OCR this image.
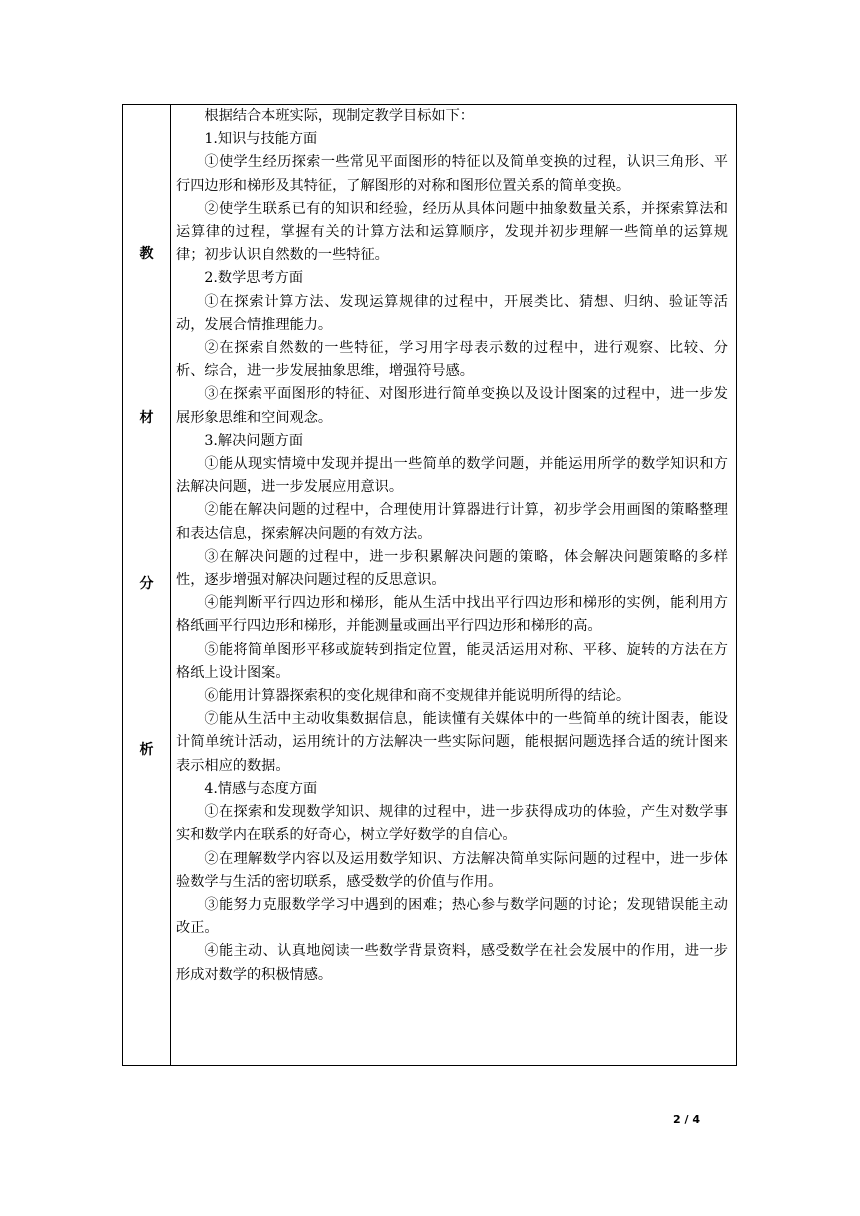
教
材
分
析

根据结合本班实际，现制定教学目标如下：

1.知识与技能方面

①使学生经历探索一些常见平面图形的特征以及简单变换的过程，认识三角形、平行四边形和梯形及其特征，了解图形的对称和图形位置关系的简单变换。

②使学生联系已有的知识和经验，经历从具体问题中抽象数量关系，并探索算法和运算律的过程，掌握有关的计算方法和运算顺序，发现并初步理解一些简单的运算规律；初步认识自然数的一些特征。

2.数学思考方面

①在探索计算方法、发现运算规律的过程中，开展类比、猜想、归纳、验证等活动，发展合情推理能力。

②在探索自然数的一些特征，学习用字母表示数的过程中，进行观察、比较、分析、综合，进一步发展抽象思维，增强符号感。

③在探索平面图形的特征、对图形进行简单变换以及设计图案的过程中，进一步发展形象思维和空间观念。

3.解决问题方面

①能从现实情境中发现并提出一些简单的数学问题，并能运用所学的数学知识和方法解决问题，进一步发展应用意识。

②能在解决问题的过程中，合理使用计算器进行计算，初步学会用画图的策略整理和表达信息，探索解决问题的有效方法。

③在解决问题的过程中，进一步积累解决问题的策略，体会解决问题策略的多样性，逐步增强对解决问题过程的反思意识。

④能判断平行四边形和梯形，能从生活中找出平行四边形和梯形的实例，能利用方格纸画平行四边形和梯形，并能测量或画出平行四边形和梯形的高。

⑤能将简单图形平移或旋转到指定位置，能灵活运用对称、平移、旋转的方法在方格纸上设计图案。

⑥能用计算器探索积的变化规律和商不变规律并能说明所得的结论。

⑦能从生活中主动收集数据信息，能读懂有关媒体中的一些简单的统计图表，能设计简单统计活动，运用统计的方法解决一些实际问题，能根据问题选择合适的统计图来表示相应的数据。

4.情感与态度方面

①在探索和发现数学知识、规律的过程中，进一步获得成功的体验，产生对数学事实和数学内在联系的好奇心，树立学好数学的自信心。

②在理解数学内容以及运用数学知识、方法解决简单实际问题的过程中，进一步体验数学与生活的密切联系，感受数学的价值与作用。

③能努力克服数学学习中遇到的困难；热心参与数学问题的讨论；发现错误能主动改正。

④能主动、认真地阅读一些数学背景资料，感受数学在社会发展中的作用，进一步形成对数学的积极情感。

2 / 4
